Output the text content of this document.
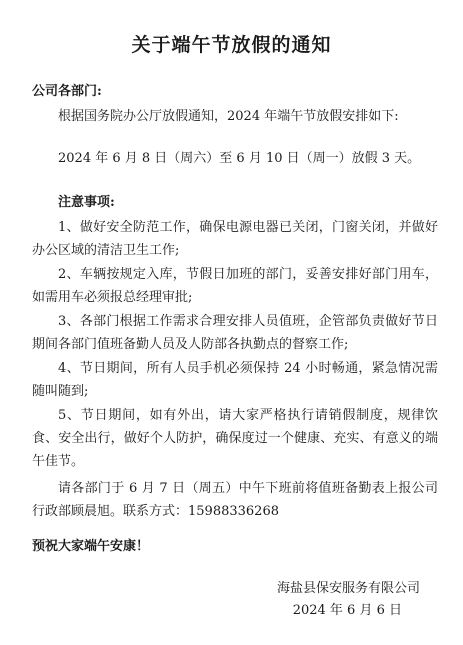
关于端午节放假的通知
公司各部门:
根据国务院办公厅放假通知，2024 年端午节放假安排如下:
2024 年 6 月 8 日（周六）至 6 月 10 日（周一）放假 3 天。
注意事项:
1、做好安全防范工作，确保电源电器已关闭，门窗关闭，并做好办公区域的清洁卫生工作;
2、车辆按规定入库，节假日加班的部门，妥善安排好部门用车，如需用车必须报总经理审批;
3、各部门根据工作需求合理安排人员值班，企管部负责做好节日期间各部门值班备勤人员及人防部各执勤点的督察工作;
4、节日期间，所有人员手机必须保持 24 小时畅通，紧急情况需随叫随到;
5、节日期间，如有外出，请大家严格执行请销假制度，规律饮食、安全出行，做好个人防护，确保度过一个健康、充实、有意义的端午佳节。
请各部门于 6 月 7 日（周五）中午下班前将值班备勤表上报公司行政部顾晨旭。联系方式：15988336268
预祝大家端午安康！
海盐县保安服务有限公司
2024 年 6 月 6 日
